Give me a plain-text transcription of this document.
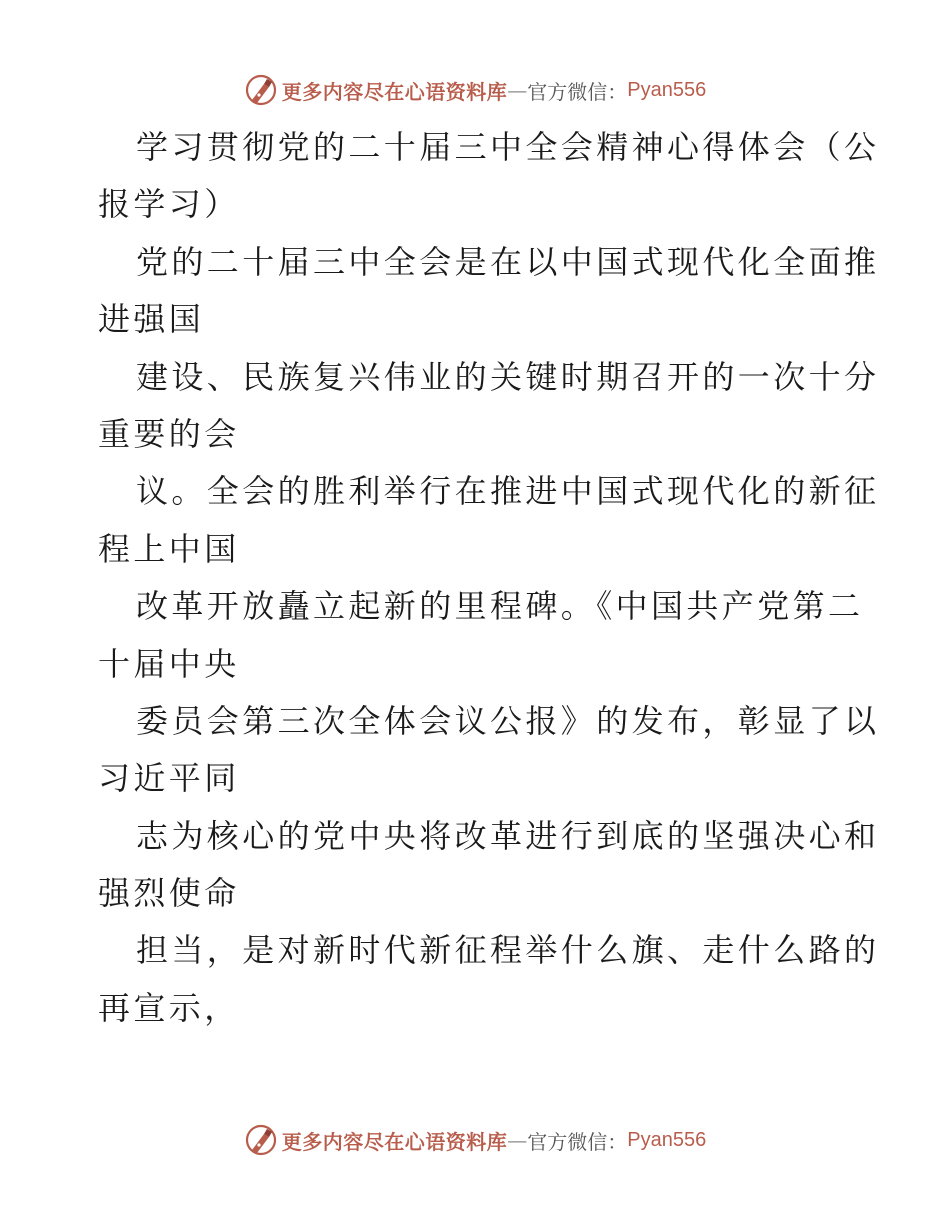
更多内容尽在心语资料库 — 官方微信： Pyan556
学习贯彻党的二十届三中全会精神心得体会（公
报学习）
党的二十届三中全会是在以中国式现代化全面推
进强国
建设、民族复兴伟业的关键时期召开的一次十分
重要的会
议。全会的胜利举行在推进中国式现代化的新征
程上中国
改革开放矗立起新的里程碑。《中国共产党第二
十届中央
委员会第三次全体会议公报》的发布，彰显了以
习近平同
志为核心的党中央将改革进行到底的坚强决心和
强烈使命
担当，是对新时代新征程举什么旗、走什么路的
再宣示，
更多内容尽在心语资料库 — 官方微信： Pyan556
